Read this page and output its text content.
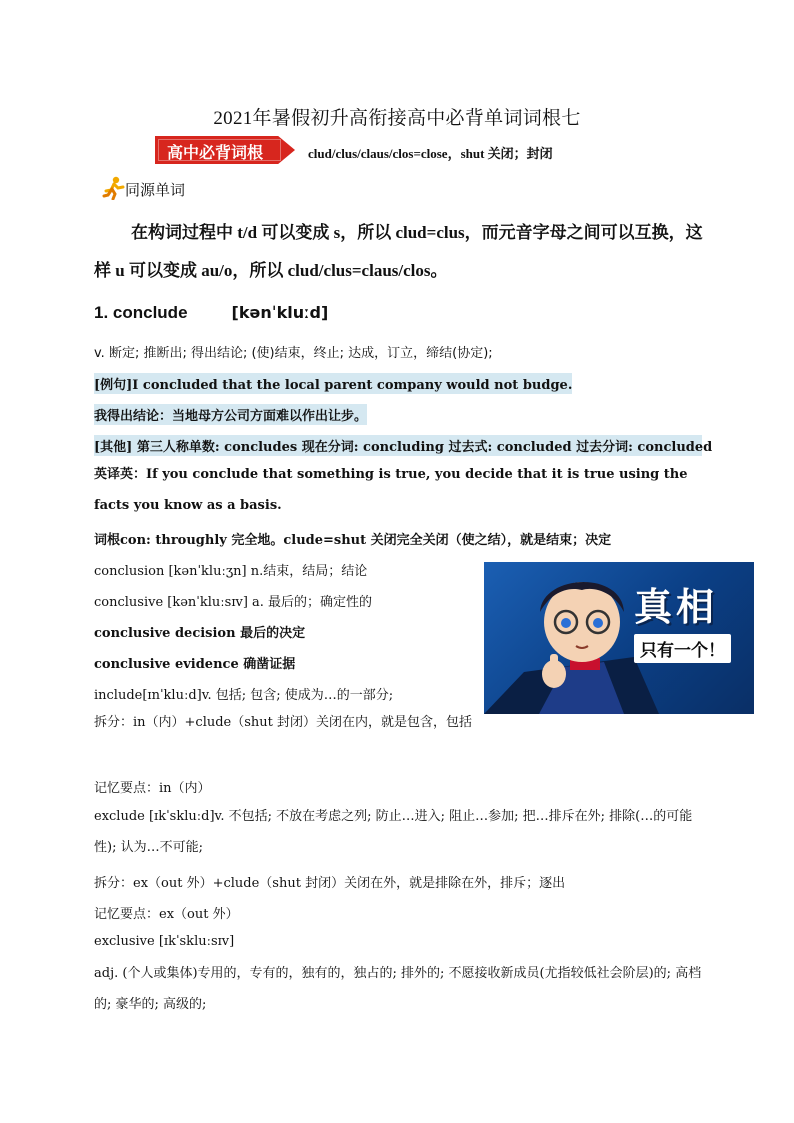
2021年暑假初升高衔接高中必背单词词根七
高中必背词根	clud/clus/claus/clos=close，shut 关闭；封闭
同源单词
在构词过程中 t/d 可以变成 s，所以 clud=clus，而元音字母之间可以互换，这样 u 可以变成 au/o，所以 clud/clus=claus/clos。
1. conclude	[kənˈkluːd]
v. 断定; 推断出; 得出结论; (使)结束，终止; 达成，订立，缔结(协定);
[例句]I concluded that the local parent company would not budge.
我得出结论：当地母方公司方面难以作出让步。
[其他] 第三人称单数: concludes 现在分词: concluding 过去式: concluded 过去分词: concluded
英译英：If you conclude that something is true, you decide that it is true using the facts you know as a basis.
词根con: throughly 完全地。clude=shut 关闭完全关闭（使之结），就是结束；决定
conclusion [kənˈkluːʒn] n.结束，结局；结论
conclusive [kənˈkluːsɪv] a. 最后的；确定性的
conclusive decision 最后的决定
conclusive evidence 确凿证据
include[ɪnˈkluːd]v. 包括; 包含; 使成为…的一部分;
拆分：in（内）+clude（shut 封闭）关闭在内，就是包含，包括
记忆要点：in（内）
exclude [ɪkˈskluːd]v. 不包括; 不放在考虑之列; 防止…进入; 阻止…参加; 把…排斥在外; 排除(…的可能性); 认为…不可能;
拆分：ex（out 外）+clude（shut 封闭）关闭在外，就是排除在外，排斥；逐出
记忆要点：ex（out 外）
exclusive [ɪkˈskluːsɪv]
adj. (个人或集体)专用的，专有的，独有的，独占的; 排外的; 不愿接收新成员(尤指较低社会阶层)的; 高档的; 豪华的; 高级的;
真相
只有一个！
